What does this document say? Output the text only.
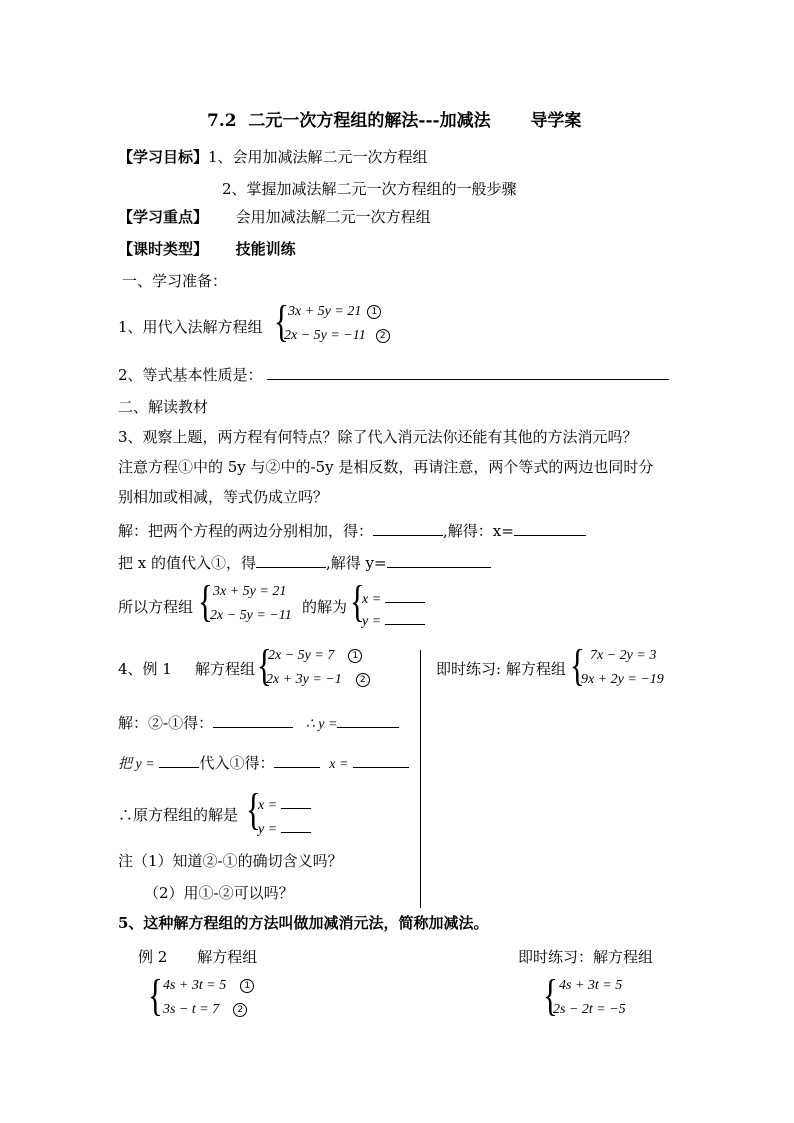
7.2 二元一次方程组的解法---加减法 导学案
【学习目标】1、会用加减法解二元一次方程组
2、掌握加减法解二元一次方程组的一般步骤
【学习重点】 会用加减法解二元一次方程组
【课时类型】 技能训练
一、学习准备：
1、用代入法解方程组 { 3x + 5y = 21 1
2x − 5y = −11 2
2、等式基本性质是：
二、解读教材
3、观察上题，两方程有何特点？除了代入消元法你还能有其他的方法消元吗？
注意方程①中的 5y 与②中的-5y 是相反数，再请注意，两个等式的两边也同时分
别相加或相减，等式仍成立吗？
解：把两个方程的两边分别相加，得：	,解得：x=
把 x 的值代入①，得	,解得 y=
所以方程组 { 3x + 5y = 21
2x − 5y = −11 的解为 {
x =
y =
4、例 1 解方程组 {
2x − 5y = 7 1
2x + 3y = −1 2
解：②-①得：	∴ y =
把 y =	代入①得：	x =
∴原方程组的解是 {
x =
y =
注（1）知道②-①的确切含义吗？
（2）用①-②可以吗？
即时练习: 解方程组 { 7x − 2y = 3
9x + 2y = −19
5、这种解方程组的方法叫做加减消元法，简称加减法。
例 2　　解方程组
{ 4s + 3t = 5 1
3s − t = 7 2
即时练习：解方程组
{ 4s + 3t = 5
2s − 2t = −5
